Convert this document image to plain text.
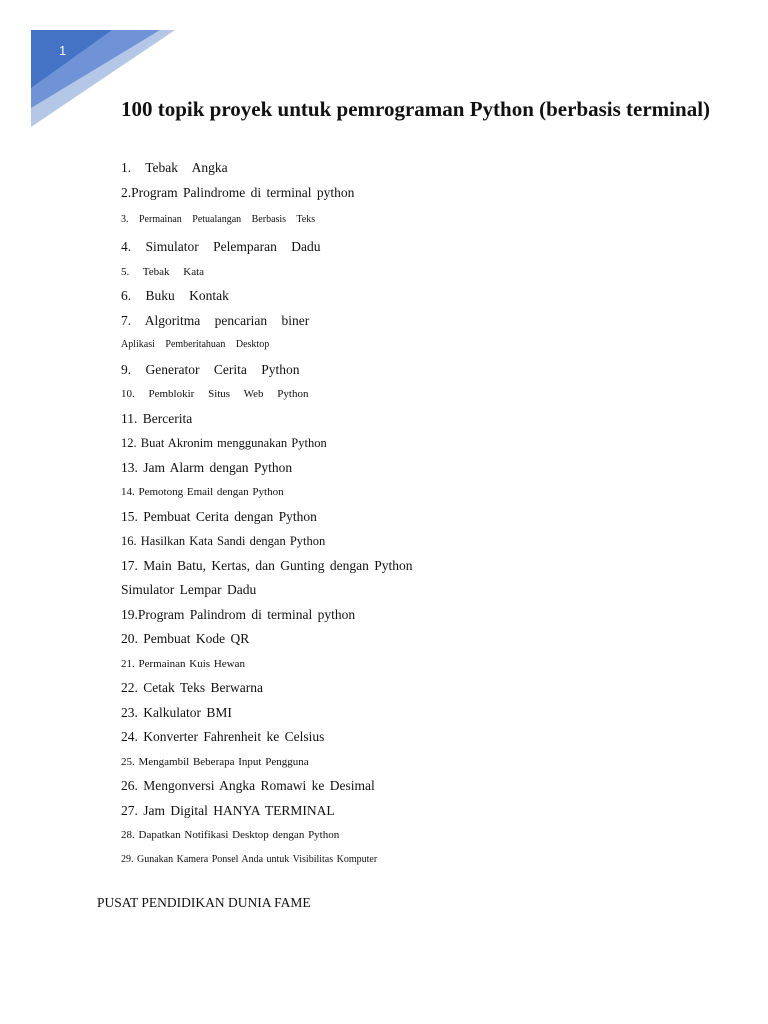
1
100 topik proyek untuk pemrograman Python (berbasis terminal)
1. Tebak Angka
2.Program Palindrome di terminal python
3. Permainan Petualangan Berbasis Teks
4. Simulator Pelemparan Dadu
5. Tebak Kata
6. Buku Kontak
7. Algoritma pencarian biner
Aplikasi Pemberitahuan Desktop
9. Generator Cerita Python
10. Pemblokir Situs Web Python
11. Bercerita
12. Buat Akronim menggunakan Python
13. Jam Alarm dengan Python
14. Pemotong Email dengan Python
15. Pembuat Cerita dengan Python
16. Hasilkan Kata Sandi dengan Python
17. Main Batu, Kertas, dan Gunting dengan Python
Simulator Lempar Dadu
19.Program Palindrom di terminal python
20. Pembuat Kode QR
21. Permainan Kuis Hewan
22. Cetak Teks Berwarna
23. Kalkulator BMI
24. Konverter Fahrenheit ke Celsius
25. Mengambil Beberapa Input Pengguna
26. Mengonversi Angka Romawi ke Desimal
27. Jam Digital HANYA TERMINAL
28. Dapatkan Notifikasi Desktop dengan Python
29. Gunakan Kamera Ponsel Anda untuk Visibilitas Komputer
PUSAT PENDIDIKAN DUNIA FAME
